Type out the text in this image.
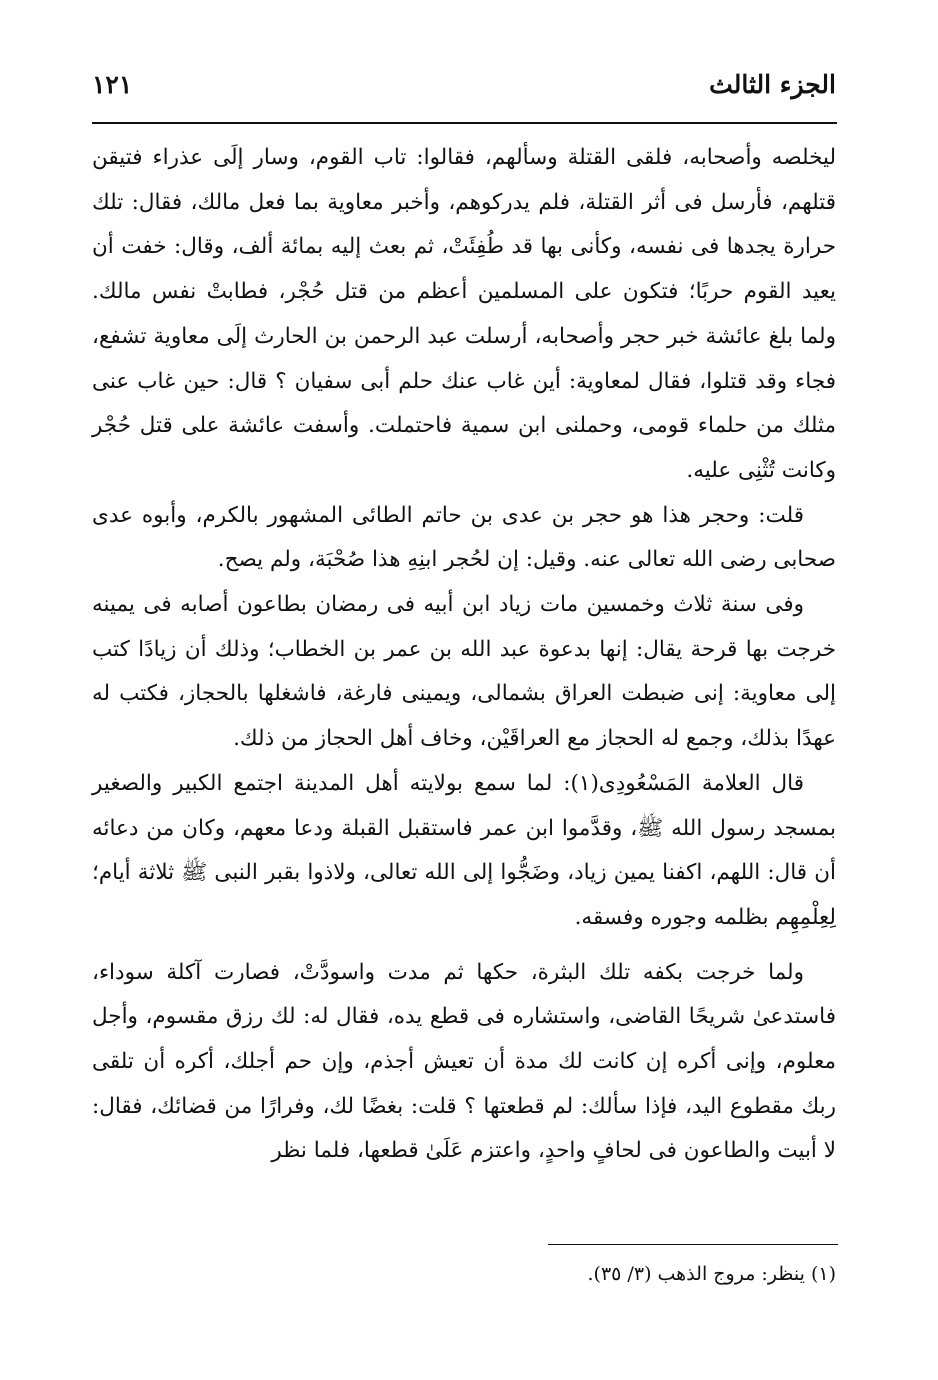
الجزء الثالث
١٢١

ليخلصه وأصحابه، فلقى القتلة وسألهم، فقالوا: تاب القوم، وسار إلَى عذراء فتيقن قتلهم، فأرسل فى أثر القتلة، فلم يدركوهم، وأخبر معاوية بما فعل مالك، فقال: تلك حرارة يجدها فى نفسه، وكأنى بها قد طُفِئَتْ، ثم بعث إليه بمائة ألف، وقال: خفت أن يعيد القوم حربًا؛ فتكون على المسلمين أعظم من قتل حُجْر، فطابتْ نفس مالك. ولما بلغ عائشة خبر حجر وأصحابه، أرسلت عبد الرحمن بن الحارث إلَى معاوية تشفع، فجاء وقد قتلوا، فقال لمعاوية: أين غاب عنك حلم أبى سفيان ؟ قال: حين غاب عنى مثلك من حلماء قومى، وحملنى ابن سمية فاحتملت. وأسفت عائشة على قتل حُجْر وكانت تُثْنِى عليه.

قلت: وحجر هذا هو حجر بن عدى بن حاتم الطائى المشهور بالكرم، وأبوه عدى صحابى رضى الله تعالى عنه. وقيل: إن لحُجر ابنِهِ هذا صُحْبَة، ولم يصح.

وفى سنة ثلاث وخمسين مات زياد ابن أبيه فى رمضان بطاعون أصابه فى يمينه خرجت بها قرحة يقال: إنها بدعوة عبد الله بن عمر بن الخطاب؛ وذلك أن زيادًا كتب إلى معاوية: إنى ضبطت العراق بشمالى، ويمينى فارغة، فاشغلها بالحجاز، فكتب له عهدًا بذلك، وجمع له الحجاز مع العراقَيْن، وخاف أهل الحجاز من ذلك.

قال العلامة المَسْعُودِى(١): لما سمع بولايته أهل المدينة اجتمع الكبير والصغير بمسجد رسول الله ﷺ، وقدَّموا ابن عمر فاستقبل القبلة ودعا معهم، وكان من دعائه أن قال: اللهم، اكفنا يمين زياد، وضَجُّوا إلى الله تعالى، ولاذوا بقبر النبى ﷺ ثلاثة أيام؛ لِعِلْمِهِم بظلمه وجوره وفسقه.

ولما خرجت بكفه تلك البثرة، حكها ثم مدت واسودَّتْ، فصارت آكلة سوداء، فاستدعىٰ شريحًا القاضى، واستشاره فى قطع يده، فقال له: لك رزق مقسوم، وأجل معلوم، وإنى أكره إن كانت لك مدة أن تعيش أجذم، وإن حم أجلك، أكره أن تلقى ربك مقطوع اليد، فإذا سألك: لم قطعتها ؟ قلت: بغضًا لك، وفرارًا من قضائك، فقال: لا أبيت والطاعون فى لحافٍ واحدٍ، واعتزم عَلَىٰ قطعها، فلما نظر

(١) ينظر: مروج الذهب (٣/ ٣٥).
